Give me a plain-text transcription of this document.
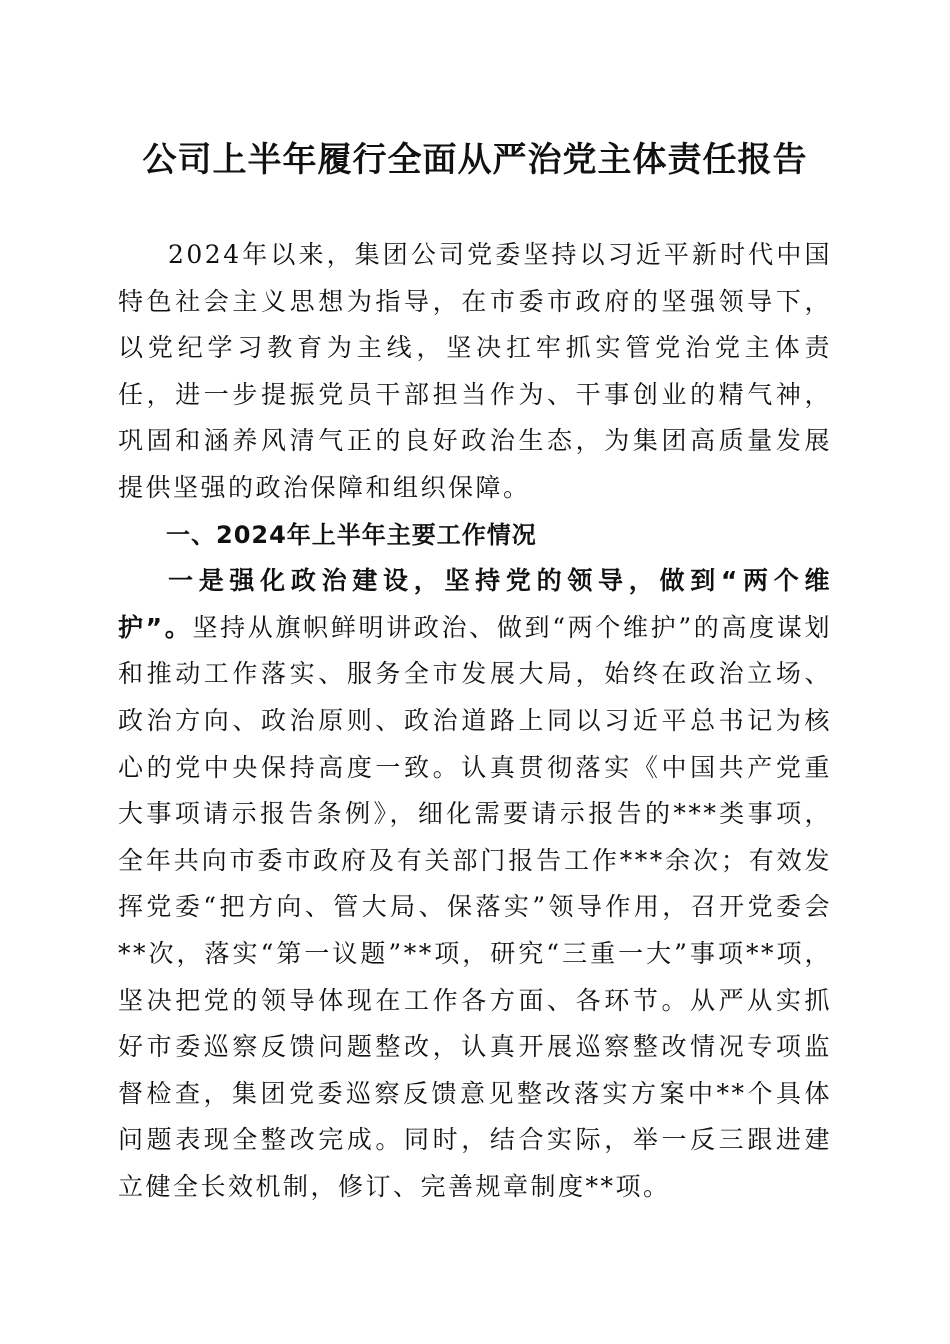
公司上半年履行全面从严治党主体责任报告

2024年以来，集团公司党委坚持以习近平新时代中国特色社会主义思想为指导，在市委市政府的坚强领导下，以党纪学习教育为主线，坚决扛牢抓实管党治党主体责任，进一步提振党员干部担当作为、干事创业的精气神，巩固和涵养风清气正的良好政治生态，为集团高质量发展提供坚强的政治保障和组织保障。

一、2024年上半年主要工作情况

一是强化政治建设，坚持党的领导，做到“两个维护”。坚持从旗帜鲜明讲政治、做到“两个维护”的高度谋划和推动工作落实、服务全市发展大局，始终在政治立场、政治方向、政治原则、政治道路上同以习近平总书记为核心的党中央保持高度一致。认真贯彻落实《中国共产党重大事项请示报告条例》，细化需要请示报告的***类事项，全年共向市委市政府及有关部门报告工作***余次；有效发挥党委“把方向、管大局、保落实”领导作用，召开党委会**次，落实“第一议题”**项，研究“三重一大”事项**项，坚决把党的领导体现在工作各方面、各环节。从严从实抓好市委巡察反馈问题整改，认真开展巡察整改情况专项监督检查，集团党委巡察反馈意见整改落实方案中**个具体问题表现全整改完成。同时，结合实际，举一反三跟进建立健全长效机制，修订、完善规章制度**项。
